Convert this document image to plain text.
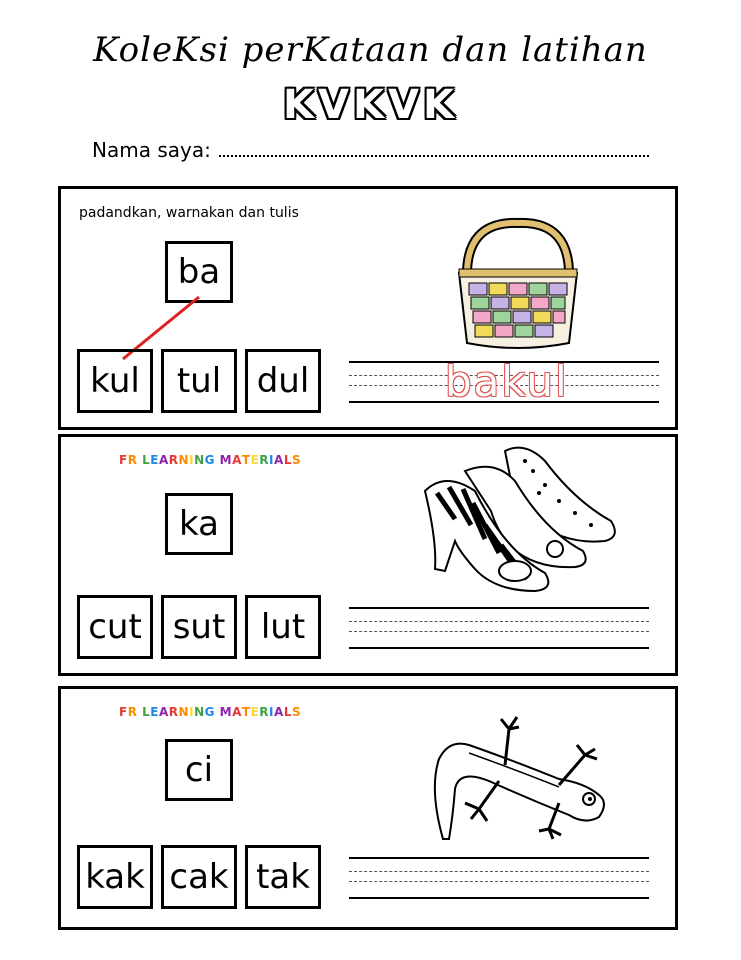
KoleKsi perKataan dan latihan
KVKVK
Nama saya:
padandkan, warnakan dan tulis
ba
kul	tul	dul	bakul
FR LEARNING MATERIALS
ka
cut sut	lut
FR LEARNING MATERIALS
ci
kak cak tak
